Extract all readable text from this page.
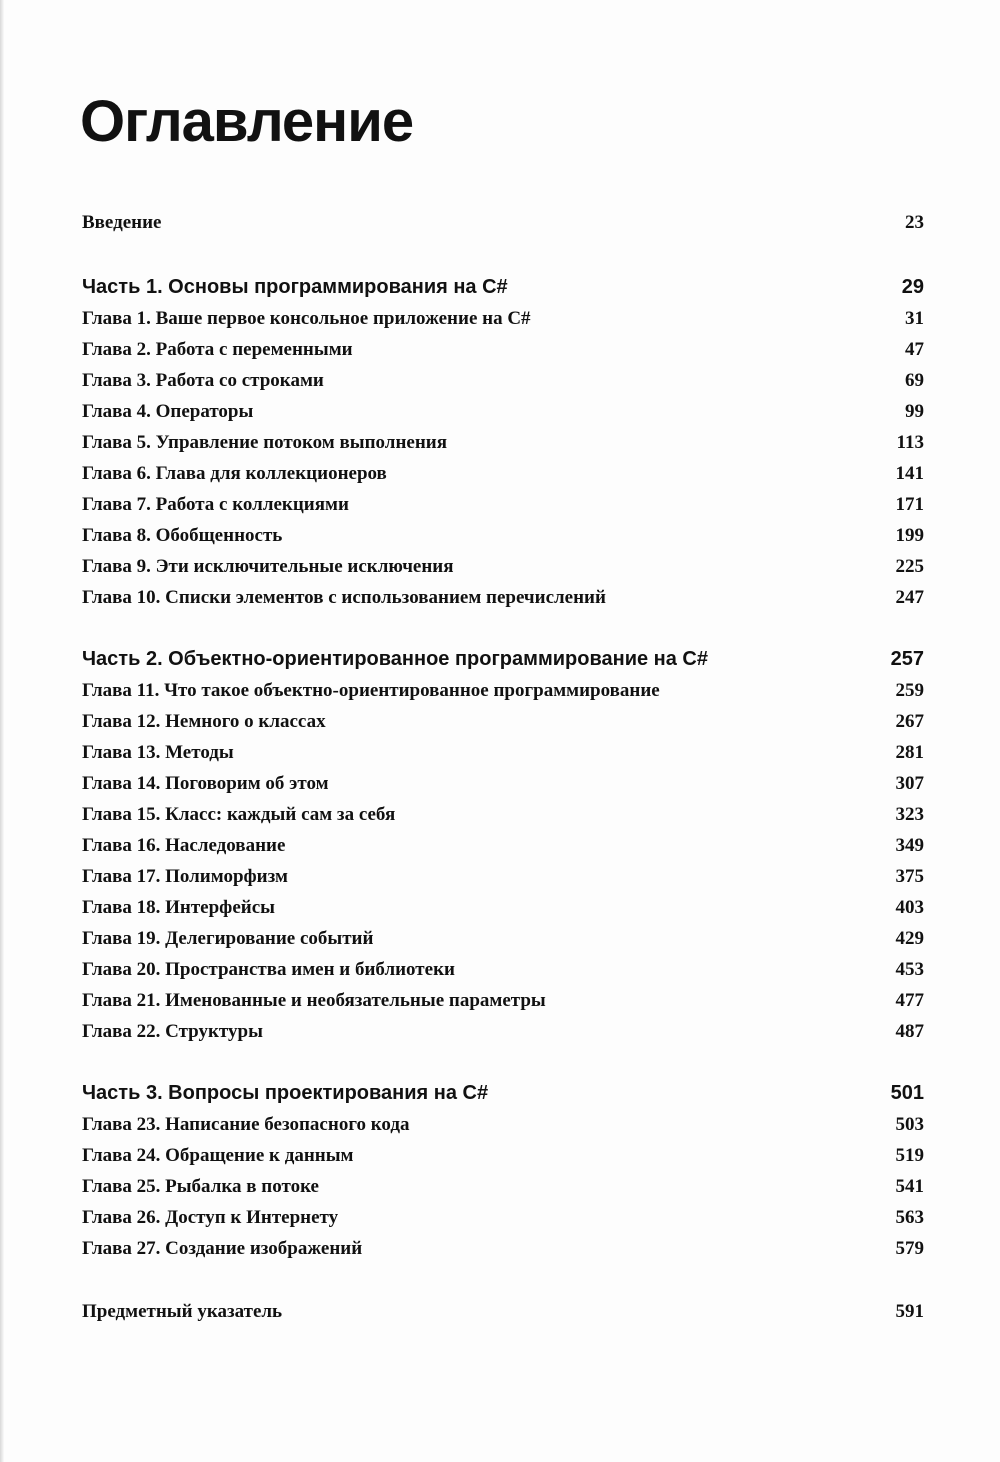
Оглавление
Введение	23
Часть 1. Основы программирования на C#	29
Глава 1. Ваше первое консольное приложение на C#	31
Глава 2. Работа с переменными	47
Глава 3. Работа со строками	69
Глава 4. Операторы	99
Глава 5. Управление потоком выполнения	113
Глава 6. Глава для коллекционеров	141
Глава 7. Работа с коллекциями	171
Глава 8. Обобщенность	199
Глава 9. Эти исключительные исключения	225
Глава 10. Списки элементов с использованием перечислений	247
Часть 2. Объектно-ориентированное программирование на C#	257
Глава 11. Что такое объектно-ориентированное программирование	259
Глава 12. Немного о классах	267
Глава 13. Методы	281
Глава 14. Поговорим об этом	307
Глава 15. Класс: каждый сам за себя	323
Глава 16. Наследование	349
Глава 17. Полиморфизм	375
Глава 18. Интерфейсы	403
Глава 19. Делегирование событий	429
Глава 20. Пространства имен и библиотеки	453
Глава 21. Именованные и необязательные параметры	477
Глава 22. Структуры	487
Часть 3. Вопросы проектирования на C#	501
Глава 23. Написание безопасного кода	503
Глава 24. Обращение к данным	519
Глава 25. Рыбалка в потоке	541
Глава 26. Доступ к Интернету	563
Глава 27. Создание изображений	579
Предметный указатель	591
